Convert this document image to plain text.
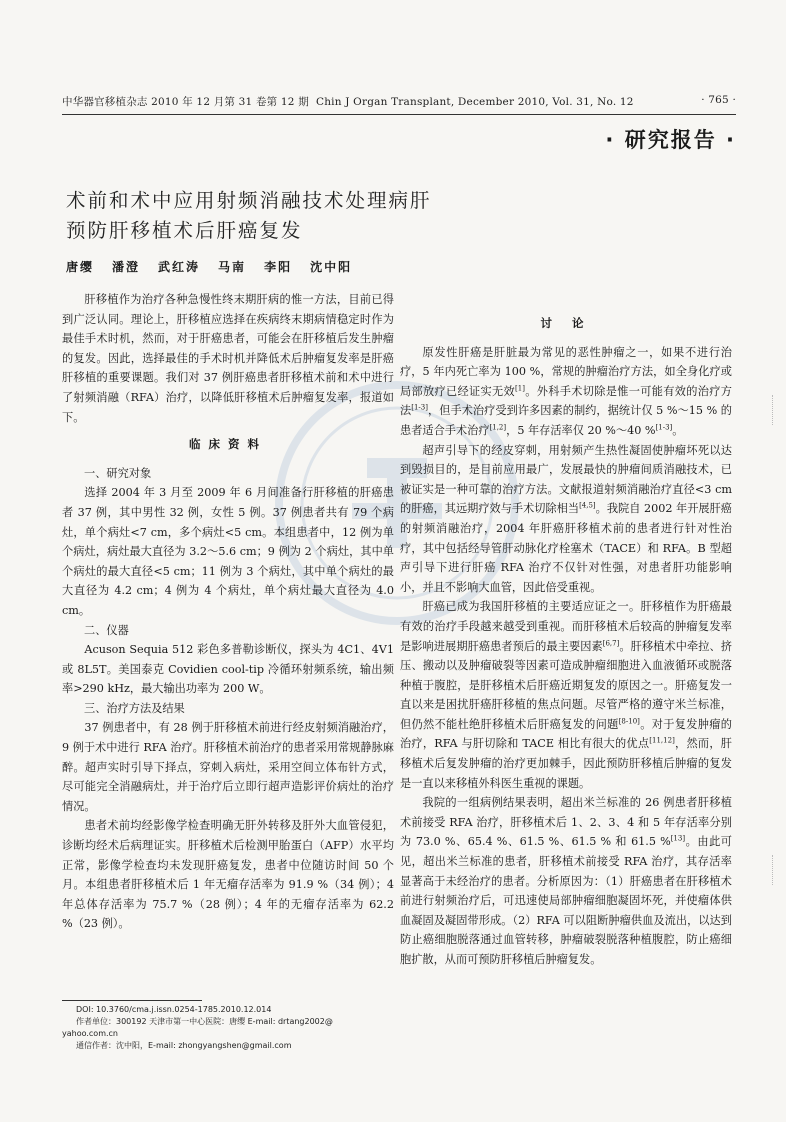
中华器官移植杂志 2010 年 12 月第 31 卷第 12 期 Chin J Organ Transplant, December 2010, Vol. 31, No. 12	· 765 ·
· 研究报告 ·
术前和术中应用射频消融技术处理病肝
预防肝移植术后肝癌复发
唐缨 潘澄 武红涛 马南 李阳 沈中阳

肝移植作为治疗各种急慢性终末期肝病的惟一方法，目前已得到广泛认同。理论上，肝移植应选择在疾病终末期病情稳定时作为最佳手术时机，然而，对于肝癌患者，可能会在肝移植后发生肿瘤的复发。因此，选择最佳的手术时机并降低术后肿瘤复发率是肝癌肝移植的重要课题。我们对 37 例肝癌患者肝移植术前和术中进行了射频消融（RFA）治疗，以降低肝移植术后肿瘤复发率，报道如下。

临床资料

一、研究对象

选择 2004 年 3 月至 2009 年 6 月间准备行肝移植的肝癌患者 37 例，其中男性 32 例，女性 5 例。37 例患者共有 79 个病灶，单个病灶<7 cm，多个病灶<5 cm。本组患者中，12 例为单个病灶，病灶最大直径为 3.2～5.6 cm；9 例为 2 个病灶，其中单个病灶的最大直径<5 cm；11 例为 3 个病灶，其中单个病灶的最大直径为 4.2 cm；4 例为 4 个病灶，单个病灶最大直径为 4.0 cm。

二、仪器

Acuson Sequia 512 彩色多普勒诊断仪，探头为 4C1、4V1 或 8L5T。美国泰克 Covidien cool-tip 冷循环射频系统，输出频率>290 kHz，最大输出功率为 200 W。

三、治疗方法及结果

37 例患者中，有 28 例于肝移植术前进行经皮射频消融治疗，9 例于术中进行 RFA 治疗。肝移植术前治疗的患者采用常规静脉麻醉。超声实时引导下择点，穿刺入病灶，采用空间立体布针方式，尽可能完全消融病灶，并于治疗后立即行超声造影评价病灶的治疗情况。

患者术前均经影像学检查明确无肝外转移及肝外大血管侵犯，诊断均经术后病理证实。肝移植术后检测甲胎蛋白（AFP）水平均正常，影像学检查均未发现肝癌复发，患者中位随访时间 50 个月。本组患者肝移植术后 1 年无瘤存活率为 91.9 %（34 例）；4 年总体存活率为 75.7 %（28 例）；4 年的无瘤存活率为 62.2 %（23 例）。

讨 论

原发性肝癌是肝脏最为常见的恶性肿瘤之一，如果不进行治疗，5 年内死亡率为 100 %，常规的肿瘤治疗方法，如全身化疗或局部放疗已经证实无效[1]。外科手术切除是惟一可能有效的治疗方法[1-3]，但手术治疗受到许多因素的制约，据统计仅 5 %～15 % 的患者适合手术治疗[1,2]，5 年存活率仅 20 %～40 %[1-3]。

超声引导下的经皮穿刺，用射频产生热性凝固使肿瘤坏死以达到毁损目的，是目前应用最广，发展最快的肿瘤间质消融技术，已被证实是一种可靠的治疗方法。文献报道射频消融治疗直径<3 cm 的肝癌，其远期疗效与手术切除相当[4,5]。我院自 2002 年开展肝癌的射频消融治疗，2004 年肝癌肝移植术前的患者进行针对性治疗，其中包括经导管肝动脉化疗栓塞术（TACE）和 RFA。B 型超声引导下进行肝癌 RFA 治疗不仅针对性强，对患者肝功能影响小，并且不影响大血管，因此倍受重视。

肝癌已成为我国肝移植的主要适应证之一。肝移植作为肝癌最有效的治疗手段越来越受到重视。而肝移植术后较高的肿瘤复发率是影响进展期肝癌患者预后的最主要因素[6,7]。肝移植术中牵拉、挤压、搬动以及肿瘤破裂等因素可造成肿瘤细胞进入血液循环或脱落种植于腹腔，是肝移植术后肝癌近期复发的原因之一。肝癌复发一直以来是困扰肝癌肝移植的焦点问题。尽管严格的遵守米兰标准，但仍然不能杜绝肝移植术后肝癌复发的问题[8-10]。对于复发肿瘤的治疗，RFA 与肝切除和 TACE 相比有很大的优点[11,12]，然而，肝移植术后复发肿瘤的治疗更加棘手，因此预防肝移植后肿瘤的复发是一直以来移植外科医生重视的课题。

我院的一组病例结果表明，超出米兰标准的 26 例患者肝移植术前接受 RFA 治疗，肝移植术后 1、2、3、4 和 5 年存活率分别为 73.0 %、65.4 %、61.5 %、61.5 % 和 61.5 %[13]。由此可见，超出米兰标准的患者，肝移植术前接受 RFA 治疗，其存活率显著高于未经治疗的患者。分析原因为：（1）肝癌患者在肝移植术前进行射频治疗后，可迅速使局部肿瘤细胞凝固坏死，并使瘤体供血凝固及凝固带形成。（2）RFA 可以阻断肿瘤供血及流出，以达到防止癌细胞脱落通过血管转移，肿瘤破裂脱落种植腹腔，防止癌细胞扩散，从而可预防肝移植后肿瘤复发。

DOI: 10.3760/cma.j.issn.0254-1785.2010.12.014
作者单位：300192 天津市第一中心医院：唐缨 E-mail: drtang2002@
yahoo.com.cn
通信作者：沈中阳，E-mail: zhongyangshen@gmail.com
